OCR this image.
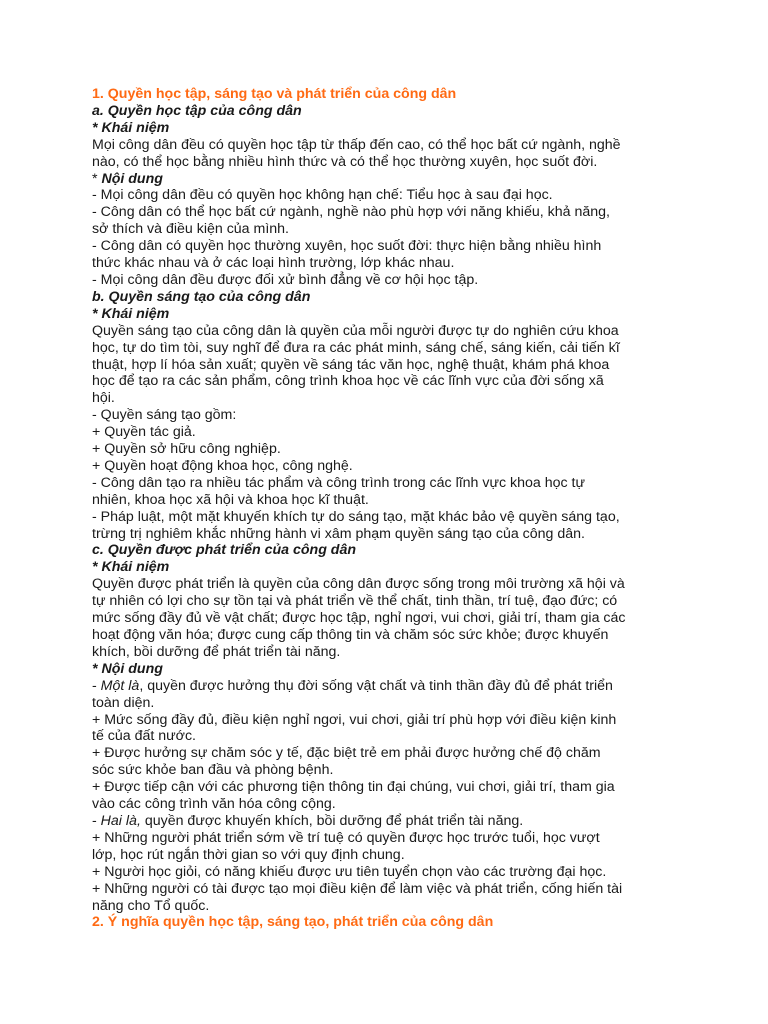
1. Quyền học tập, sáng tạo và phát triển của công dân

a. Quyền học tập của công dân

* Khái niệm

Mọi công dân đều có quyền học tập từ thấp đến cao, có thể học bất cứ ngành, nghề

nào, có thể học bằng nhiều hình thức và có thể học thường xuyên, học suốt đời.

* Nội dung

- Mọi công dân đều có quyền học không hạn chế: Tiểu học à sau đại học.

- Công dân có thể học bất cứ ngành, nghề nào phù hợp với năng khiếu, khả năng,

sở thích và điều kiện của mình.

- Công dân có quyền học thường xuyên, học suốt đời: thực hiện bằng nhiều hình

thức khác nhau và ở các loại hình trường, lớp khác nhau.

- Mọi công dân đều được đối xử bình đẳng về cơ hội học tập.

b. Quyền sáng tạo của công dân

* Khái niệm

Quyền sáng tạo của công dân là quyền của mỗi người được tự do nghiên cứu khoa

học, tự do tìm tòi, suy nghĩ để đưa ra các phát minh, sáng chế, sáng kiến, cải tiến kĩ

thuật, hợp lí hóa sản xuất; quyền về sáng tác văn học, nghệ thuật, khám phá khoa

học để tạo ra các sản phẩm, công trình khoa học về các lĩnh vực của đời sống xã

hội.

- Quyền sáng tạo gồm:

+ Quyền tác giả.

+ Quyền sở hữu công nghiệp.

+ Quyền hoạt động khoa học, công nghệ.

- Công dân tạo ra nhiều tác phẩm và công trình trong các lĩnh vực khoa học tự

nhiên, khoa học xã hội và khoa học kĩ thuật.

- Pháp luật, một mặt khuyến khích tự do sáng tạo, mặt khác bảo vệ quyền sáng tạo,

trừng trị nghiêm khắc những hành vi xâm phạm quyền sáng tạo của công dân.

c. Quyền được phát triển của công dân

* Khái niệm

Quyền được phát triển là quyền của công dân được sống trong môi trường xã hội và

tự nhiên có lợi cho sự tồn tại và phát triển về thể chất, tinh thần, trí tuệ, đạo đức; có

mức sống đầy đủ về vật chất; được học tập, nghỉ ngơi, vui chơi, giải trí, tham gia các

hoạt động văn hóa; được cung cấp thông tin và chăm sóc sức khỏe; được khuyến

khích, bồi dưỡng để phát triển tài năng.

* Nội dung

- Một là, quyền được hưởng thụ đời sống vật chất và tinh thần đầy đủ để phát triển

toàn diện.

+ Mức sống đầy đủ, điều kiện nghỉ ngơi, vui chơi, giải trí phù hợp với điều kiện kinh

tế của đất nước.

+ Được hưởng sự chăm sóc y tế, đặc biệt trẻ em phải được hưởng chế độ chăm

sóc sức khỏe ban đầu và phòng bệnh.

+ Được tiếp cận với các phương tiện thông tin đại chúng, vui chơi, giải trí, tham gia

vào các công trình văn hóa công cộng.

- Hai là, quyền được khuyến khích, bồi dưỡng để phát triển tài năng.

+ Những người phát triển sớm về trí tuệ có quyền được học trước tuổi, học vượt

lớp, học rút ngắn thời gian so với quy định chung.

+ Người học giỏi, có năng khiếu được ưu tiên tuyển chọn vào các trường đại học.

+ Những người có tài được tạo mọi điều kiện để làm việc và phát triển, cống hiến tài

năng cho Tổ quốc.

2. Ý nghĩa quyền học tập, sáng tạo, phát triển của công dân
